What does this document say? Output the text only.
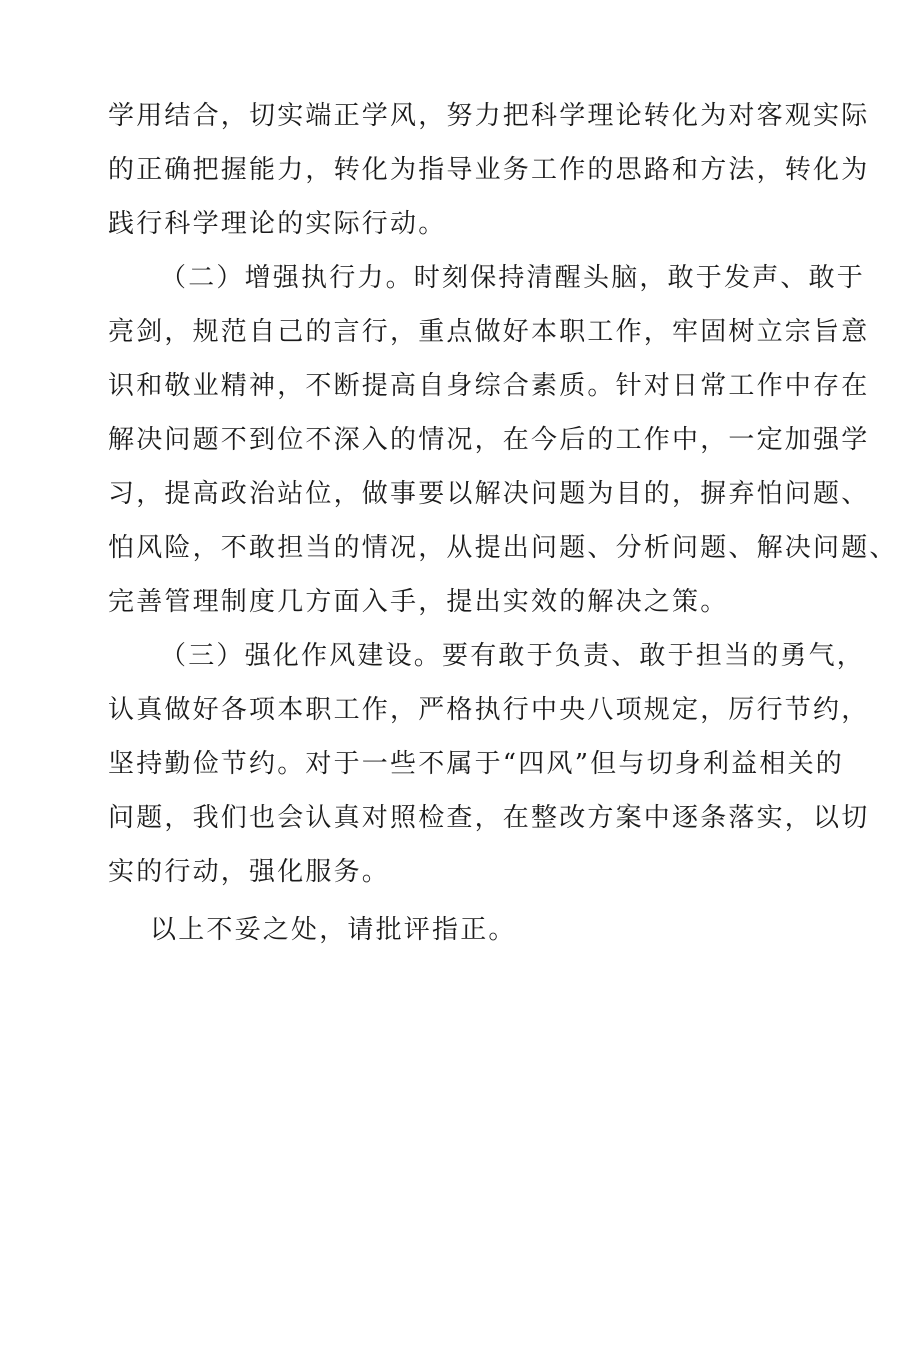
学用结合，切实端正学风，努力把科学理论转化为对客观实际
的正确把握能力，转化为指导业务工作的思路和方法，转化为
践行科学理论的实际行动。
（二）增强执行力。时刻保持清醒头脑，敢于发声、敢于
亮剑，规范自己的言行，重点做好本职工作，牢固树立宗旨意
识和敬业精神，不断提高自身综合素质。针对日常工作中存在
解决问题不到位不深入的情况，在今后的工作中，一定加强学
习，提高政治站位，做事要以解决问题为目的，摒弃怕问题、
怕风险，不敢担当的情况，从提出问题、分析问题、解决问题、
完善管理制度几方面入手，提出实效的解决之策。
（三）强化作风建设。要有敢于负责、敢于担当的勇气，
认真做好各项本职工作，严格执行中央八项规定，厉行节约，
坚持勤俭节约。对于一些不属于“四风”但与切身利益相关的
问题，我们也会认真对照检查，在整改方案中逐条落实，以切
实的行动，强化服务。
以上不妥之处，请批评指正。
